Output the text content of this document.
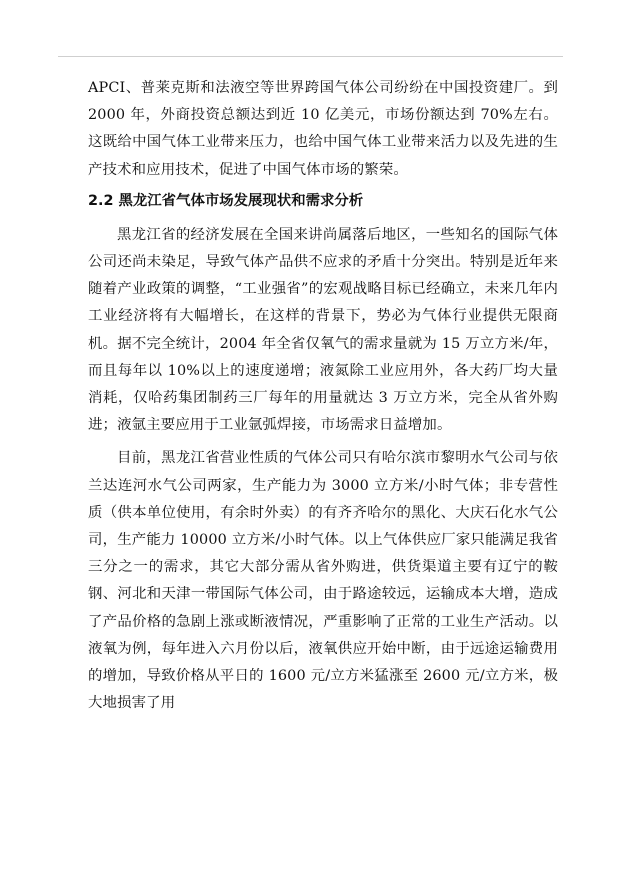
APCI、普莱克斯和法液空等世界跨国气体公司纷纷在中国投资建厂。到 2000 年，外商投资总额达到近 10 亿美元，市场份额达到 70%左右。这既给中国气体工业带来压力，也给中国气体工业带来活力以及先进的生产技术和应用技术，促进了中国气体市场的繁荣。

2.2 黑龙江省气体市场发展现状和需求分析

黑龙江省的经济发展在全国来讲尚属落后地区，一些知名的国际气体公司还尚未染足，导致气体产品供不应求的矛盾十分突出。特别是近年来随着产业政策的调整，“工业强省”的宏观战略目标已经确立，未来几年内工业经济将有大幅增长，在这样的背景下，势必为气体行业提供无限商机。据不完全统计，2004 年全省仅氧气的需求量就为 15 万立方米/年，而且每年以 10%以上的速度递增；液氮除工业应用外，各大药厂均大量消耗，仅哈药集团制药三厂每年的用量就达 3 万立方米，完全从省外购进；液氩主要应用于工业氩弧焊接，市场需求日益增加。

目前，黑龙江省营业性质的气体公司只有哈尔滨市黎明水气公司与依兰达连河水气公司两家，生产能力为 3000 立方米/小时气体；非专营性质（供本单位使用，有余时外卖）的有齐齐哈尔的黑化、大庆石化水气公司，生产能力 10000 立方米/小时气体。以上气体供应厂家只能满足我省三分之一的需求，其它大部分需从省外购进，供货渠道主要有辽宁的鞍钢、河北和天津一带国际气体公司，由于路途较远，运输成本大增，造成了产品价格的急剧上涨或断液情况，严重影响了正常的工业生产活动。以液氧为例，每年进入六月份以后，液氧供应开始中断，由于远途运输费用的增加，导致价格从平日的 1600 元/立方米猛涨至 2600 元/立方米，极大地损害了用
